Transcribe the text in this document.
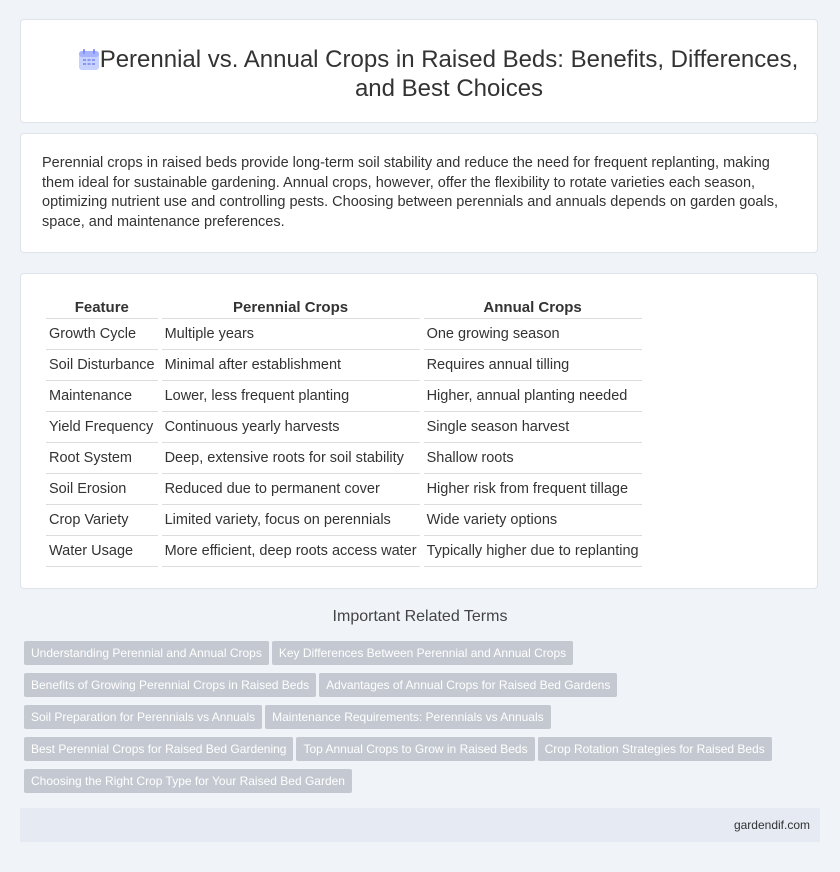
Perennial vs. Annual Crops in Raised Beds: Benefits, Differences, and Best Choices

Perennial crops in raised beds provide long-term soil stability and reduce the need for frequent replanting, making them ideal for sustainable gardening. Annual crops, however, offer the flexibility to rotate varieties each season, optimizing nutrient use and controlling pests. Choosing between perennials and annuals depends on garden goals, space, and maintenance preferences.

Feature	Perennial Crops	Annual Crops
Growth Cycle	Multiple years	One growing season
Soil Disturbance	Minimal after establishment	Requires annual tilling
Maintenance	Lower, less frequent planting	Higher, annual planting needed
Yield Frequency	Continuous yearly harvests	Single season harvest
Root System	Deep, extensive roots for soil stability	Shallow roots
Soil Erosion	Reduced due to permanent cover	Higher risk from frequent tillage
Crop Variety	Limited variety, focus on perennials	Wide variety options
Water Usage	More efficient, deep roots access water	Typically higher due to replanting
Important Related Terms
Understanding Perennial and Annual Crops Key Differences Between Perennial and Annual Crops
Benefits of Growing Perennial Crops in Raised Beds Advantages of Annual Crops for Raised Bed Gardens
Soil Preparation for Perennials vs Annuals Maintenance Requirements: Perennials vs Annuals
Best Perennial Crops for Raised Bed Gardening Top Annual Crops to Grow in Raised Beds Crop Rotation Strategies for Raised Beds
Choosing the Right Crop Type for Your Raised Bed Garden
gardendif.com
